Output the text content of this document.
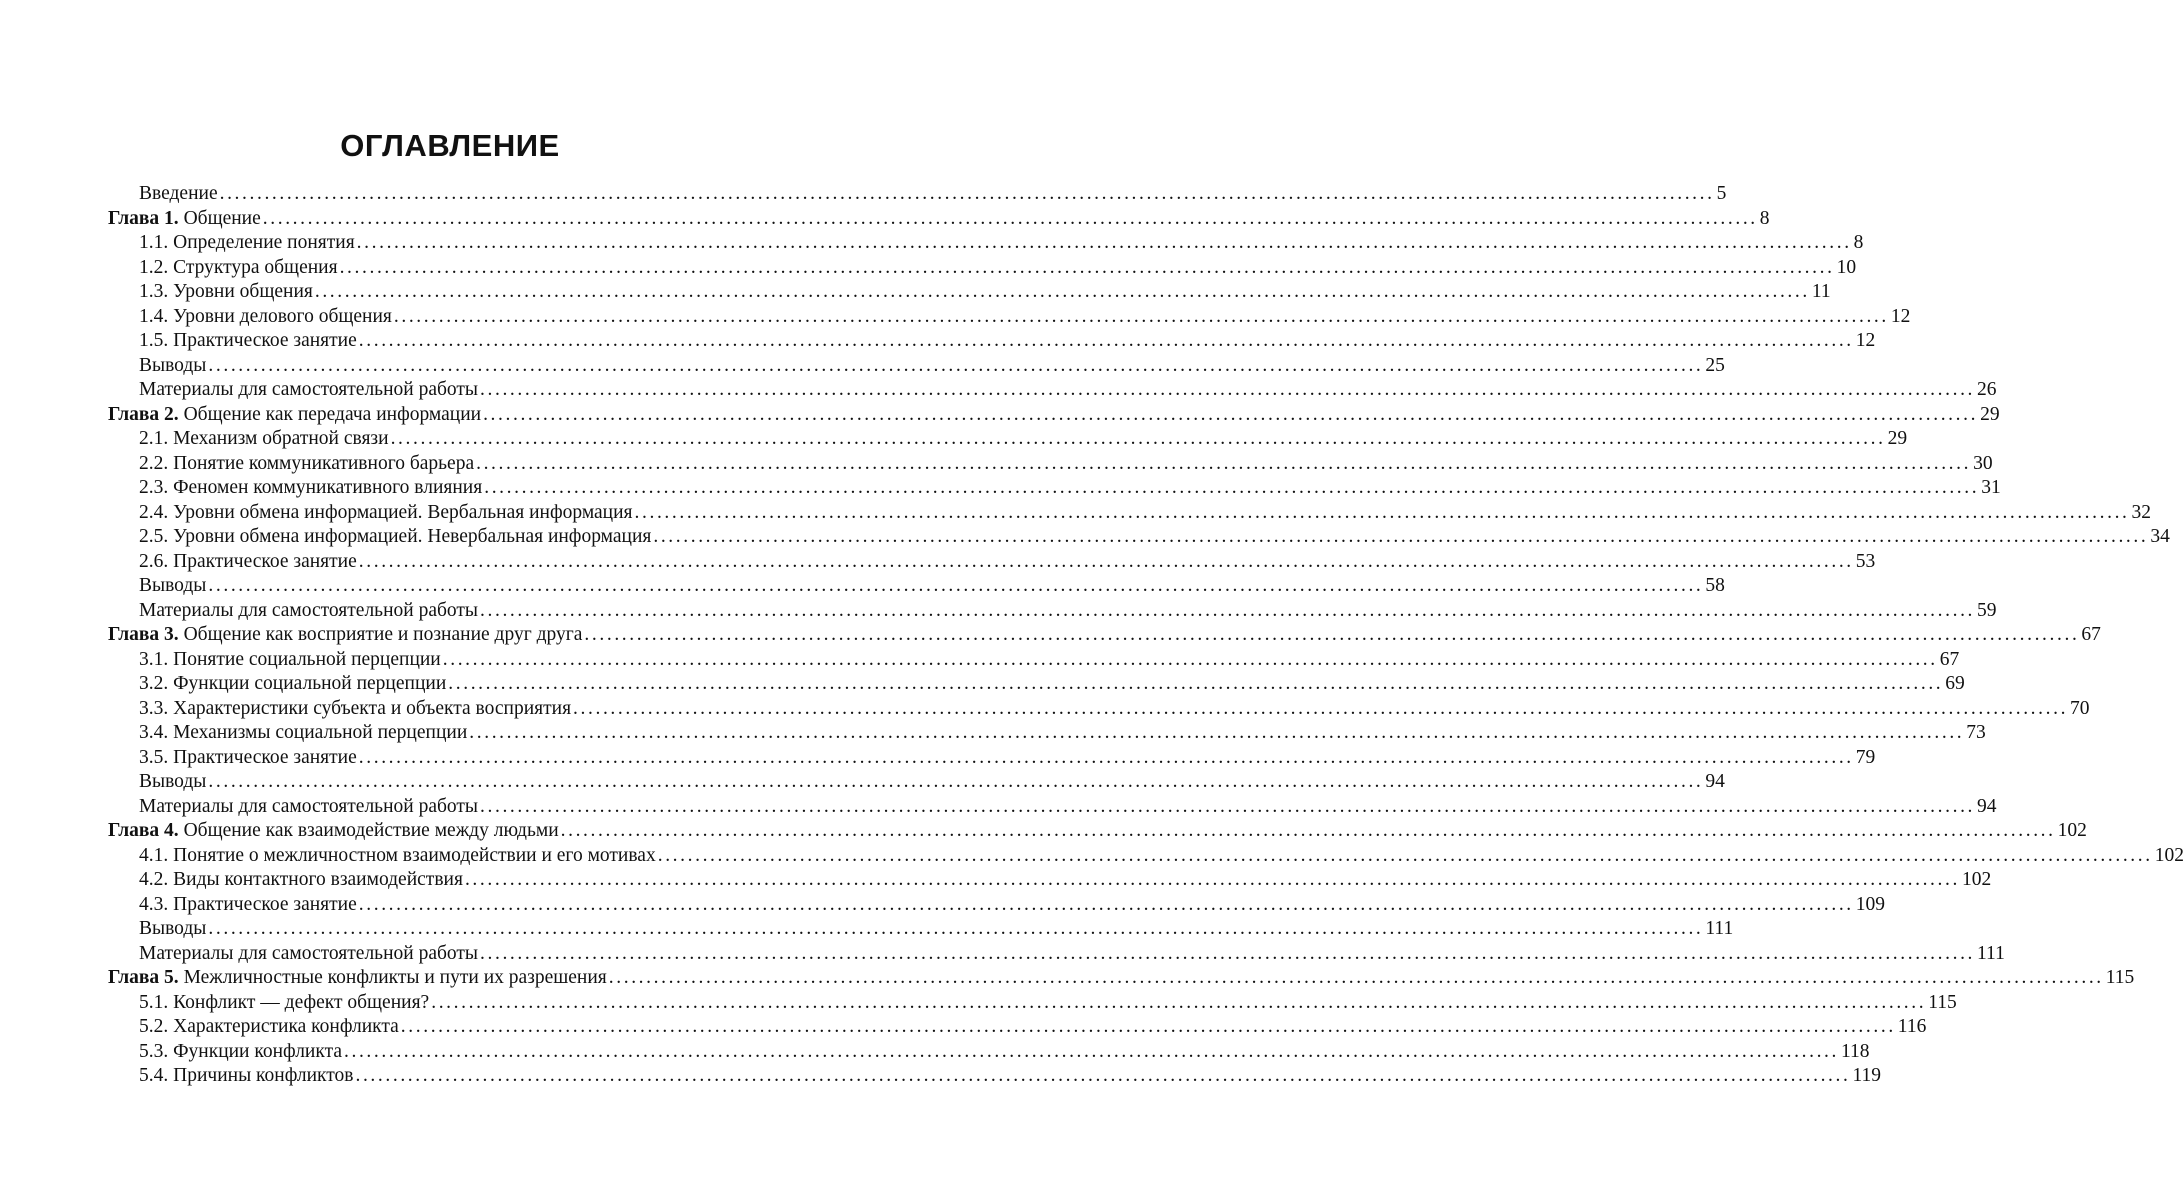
ОГЛАВЛЕНИЕ
Введение ........................................................................................................................................................................................................ 5
Глава 1. Общение ........................................................................................................................................................................................................ 8
1.1. Определение понятия ........................................................................................................................................................................................................ 8
1.2. Структура общения ........................................................................................................................................................................................................ 10
1.3. Уровни общения ........................................................................................................................................................................................................ 11
1.4. Уровни делового общения ........................................................................................................................................................................................................ 12
1.5. Практическое занятие ........................................................................................................................................................................................................ 12
Выводы ........................................................................................................................................................................................................ 25
Материалы для самостоятельной работы ........................................................................................................................................................................................................ 26
Глава 2. Общение как передача информации ........................................................................................................................................................................................................ 29
2.1. Механизм обратной связи ........................................................................................................................................................................................................ 29
2.2. Понятие коммуникативного барьера ........................................................................................................................................................................................................ 30
2.3. Феномен коммуникативного влияния ........................................................................................................................................................................................................ 31
2.4. Уровни обмена информацией. Вербальная информация ........................................................................................................................................................................................................ 32
2.5. Уровни обмена информацией. Невербальная информация ........................................................................................................................................................................................................ 34
2.6. Практическое занятие ........................................................................................................................................................................................................ 53
Выводы ........................................................................................................................................................................................................ 58
Материалы для самостоятельной работы ........................................................................................................................................................................................................ 59
Глава 3. Общение как восприятие и познание друг друга ........................................................................................................................................................................................................ 67
3.1. Понятие социальной перцепции ........................................................................................................................................................................................................ 67
3.2. Функции социальной перцепции ........................................................................................................................................................................................................ 69
3.3. Характеристики субъекта и объекта восприятия ........................................................................................................................................................................................................ 70
3.4. Механизмы социальной перцепции ........................................................................................................................................................................................................ 73
3.5. Практическое занятие ........................................................................................................................................................................................................ 79
Выводы ........................................................................................................................................................................................................ 94
Материалы для самостоятельной работы ........................................................................................................................................................................................................ 94
Глава 4. Общение как взаимодействие между людьми ........................................................................................................................................................................................................ 102
4.1. Понятие о межличностном взаимодействии и его мотивах ........................................................................................................................................................................................................ 102
4.2. Виды контактного взаимодействия ........................................................................................................................................................................................................ 102
4.3. Практическое занятие ........................................................................................................................................................................................................ 109
Выводы ........................................................................................................................................................................................................ 111
Материалы для самостоятельной работы ........................................................................................................................................................................................................ 111
Глава 5. Межличностные конфликты и пути их разрешения ........................................................................................................................................................................................................ 115
5.1. Конфликт — дефект общения? ........................................................................................................................................................................................................ 115
5.2. Характеристика конфликта ........................................................................................................................................................................................................ 116
5.3. Функции конфликта ........................................................................................................................................................................................................ 118
5.4. Причины конфликтов ........................................................................................................................................................................................................ 119
